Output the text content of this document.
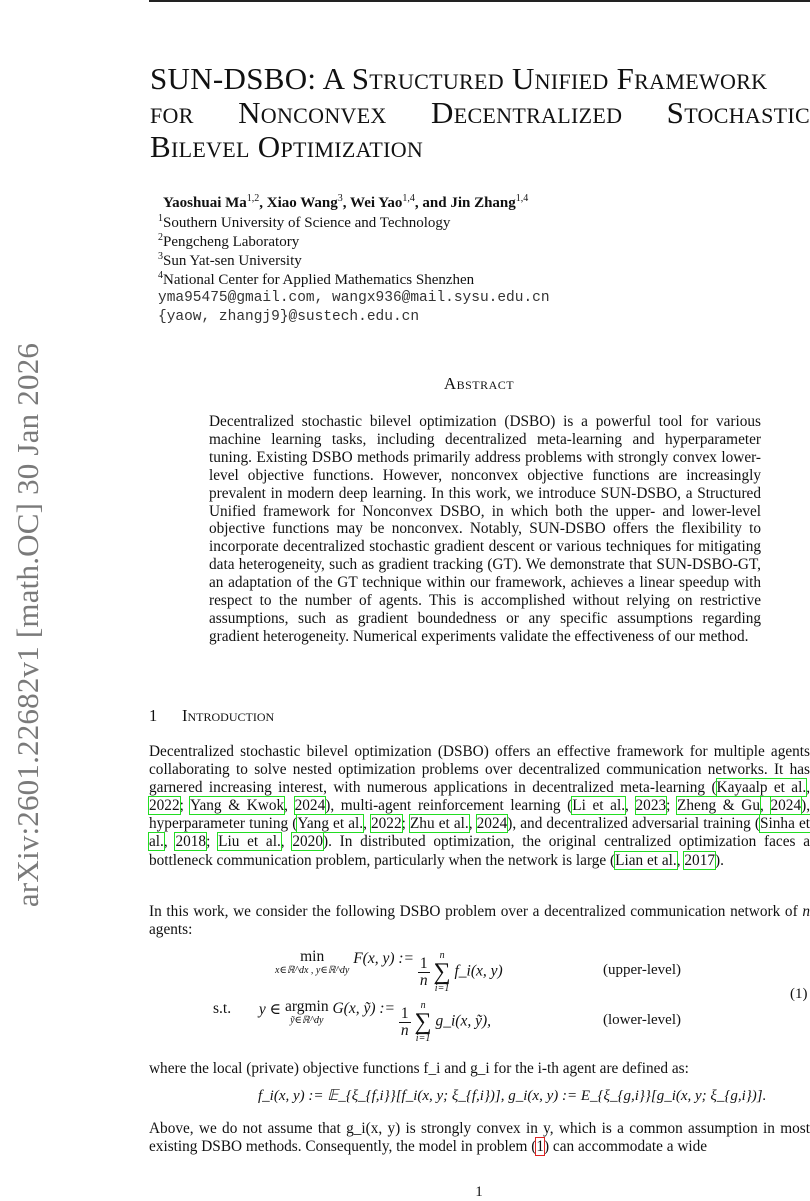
arXiv:2601.22682v1 [math.OC] 30 Jan 2026
SUN-DSBO: A Structured Unified Framework
for Nonconvex Decentralized Stochastic
Bilevel Optimization
Yaoshuai Ma$^{1,2}$, Xiao Wang$^3$, Wei Yao$^{1,4}$, and Jin Zhang$^{1,4}$
$^1$Southern University of Science and Technology
$^2$Pengcheng Laboratory
$^3$Sun Yat-sen University
$^4$National Center for Applied Mathematics Shenzhen
yma95475@gmail.com, wangx936@mail.sysu.edu.cn
{yaow, zhangj9}@sustech.edu.cn
Abstract
Decentralized stochastic bilevel optimization (DSBO) is a powerful tool for various machine learning tasks, including decentralized meta-learning and hyperparameter tuning. Existing DSBO methods primarily address problems with strongly convex lower-level objective functions. However, nonconvex objective functions are increasingly prevalent in modern deep learning. In this work, we introduce SUN-DSBO, a Structured Unified framework for Nonconvex DSBO, in which both the upper- and lower-level objective functions may be nonconvex. Notably, SUN-DSBO offers the flexibility to incorporate decentralized stochastic gradient descent or various techniques for mitigating data heterogeneity, such as gradient tracking (GT). We demonstrate that SUN-DSBO-GT, an adaptation of the GT technique within our framework, achieves a linear speedup with respect to the number of agents. This is accomplished without relying on restrictive assumptions, such as gradient boundedness or any specific assumptions regarding gradient heterogeneity. Numerical experiments validate the effectiveness of our method.
1 Introduction
Decentralized stochastic bilevel optimization (DSBO) offers an effective framework for multiple agents collaborating to solve nested optimization problems over decentralized communication networks. It has garnered increasing interest, with numerous applications in decentralized meta-learning (Kayaalp et al., 2022; Yang & Kwok, 2024), multi-agent reinforcement learning (Li et al., 2023; Zheng & Gu, 2024), hyperparameter tuning (Yang et al., 2022; Zhu et al., 2024), and decentralized adversarial training (Sinha et al., 2018; Liu et al., 2020). In distributed optimization, the original centralized optimization faces a bottleneck communication problem, particularly when the network is large (Lian et al., 2017).
In this work, we consider the following DSBO problem over a decentralized communication network of n agents:
min
x∈ℝ^dx , y∈ℝ^dy
F(x, y) := $\frac{1}{n}$
n
∑
i=1
f_i(x, y)	(upper-level)
s.t. y ∈ argmin
ỹ∈ℝ^dy
G(x, ỹ) := $\frac{1}{n}$
n
∑
i=1
g_i(x, ỹ),	(lower-level)
(1)
where the local (private) objective functions f_i and g_i for the i-th agent are defined as:
f_i(x, y) := 𝔼_{ξ_{f,i}}[f_i(x, y; ξ_{f,i})], g_i(x, y) := E_{ξ_{g,i}}[g_i(x, y; ξ_{g,i})].
Above, we do not assume that g_i(x, y) is strongly convex in y, which is a common assumption in most existing DSBO methods. Consequently, the model in problem (1) can accommodate a wide
1
